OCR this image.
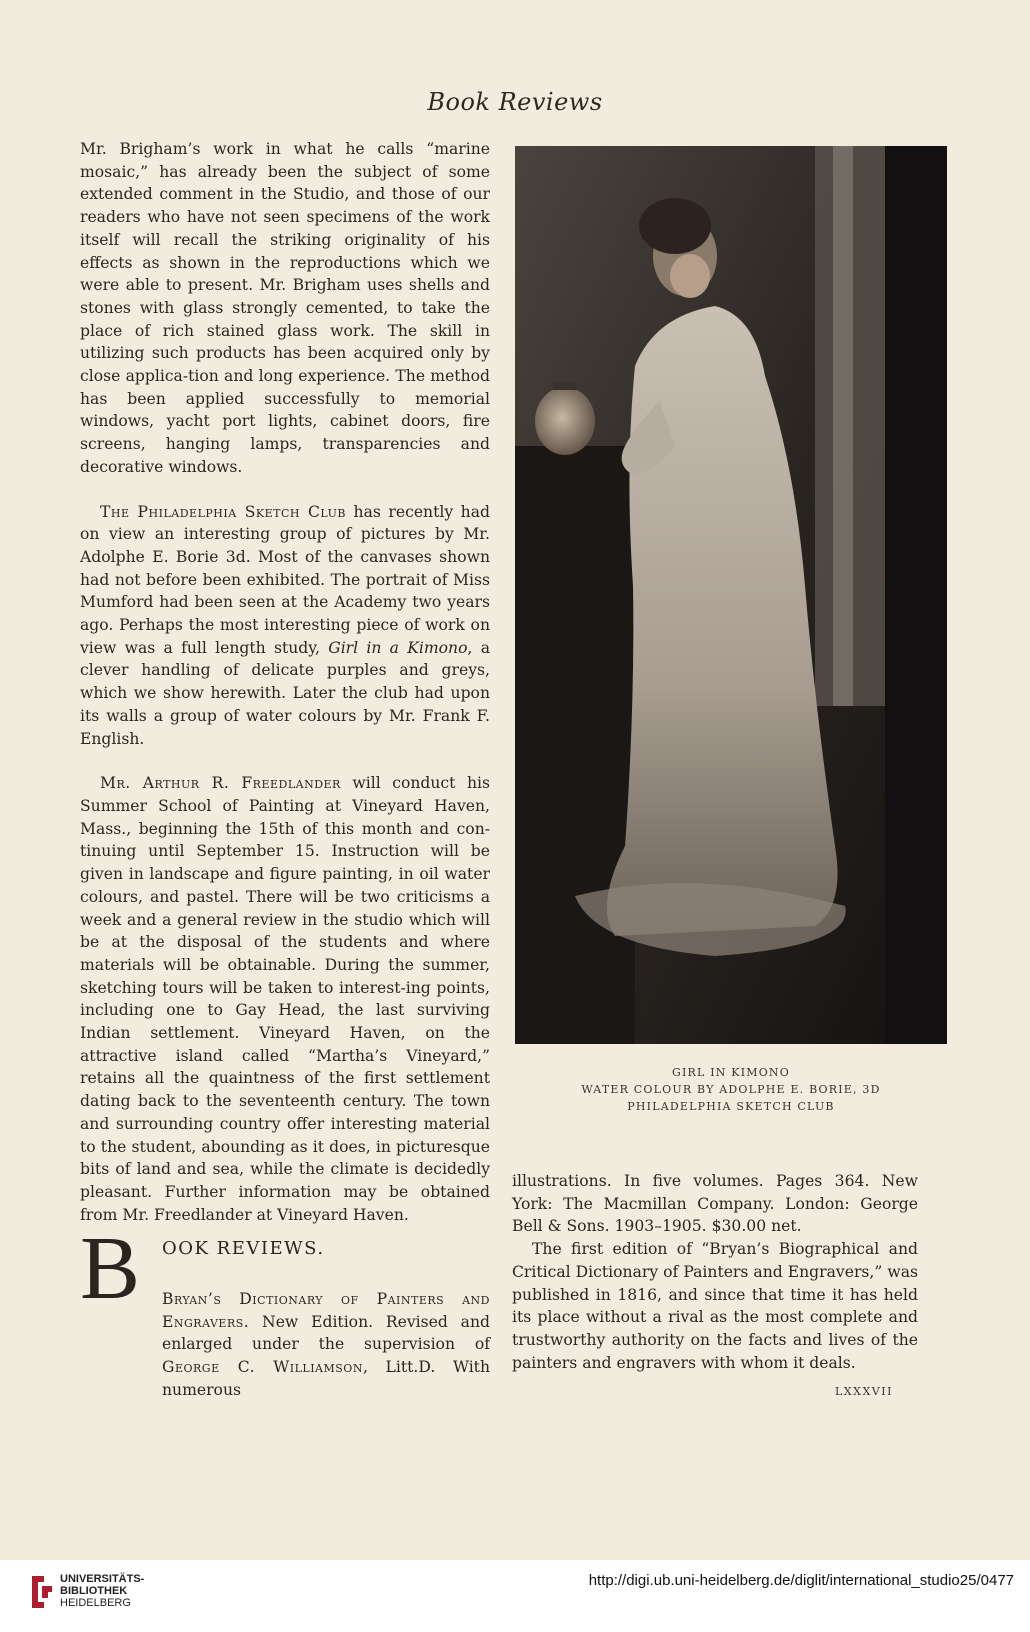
Book Reviews

Mr. Brigham’s work in what he calls “marine mosaic,” has already been the subject of some extended comment in the Studio, and those of our readers who have not seen specimens of the work itself will recall the striking originality of his effects as shown in the reproductions which we were able to present. Mr. Brigham uses shells and stones with glass strongly cemented, to take the place of rich stained glass work. The skill in utilizing such products has been acquired only by close applica-tion and long experience. The method has been applied successfully to memorial windows, yacht port lights, cabinet doors, fire screens, hanging lamps, transparencies and decorative windows.

The Philadelphia Sketch Club has recently had on view an interesting group of pictures by Mr. Adolphe E. Borie 3d. Most of the canvases shown had not before been exhibited. The portrait of Miss Mumford had been seen at the Academy two years ago. Perhaps the most interesting piece of work on view was a full length study, Girl in a Kimono, a clever handling of delicate purples and greys, which we show herewith. Later the club had upon its walls a group of water colours by Mr. Frank F. English.

Mr. Arthur R. Freedlander will conduct his Summer School of Painting at Vineyard Haven, Mass., beginning the 15th of this month and con-tinuing until September 15. Instruction will be given in landscape and figure painting, in oil water colours, and pastel. There will be two criticisms a week and a general review in the studio which will be at the disposal of the students and where materials will be obtainable. During the summer, sketching tours will be taken to interest-ing points, including one to Gay Head, the last surviving Indian settlement. Vineyard Haven, on the attractive island called “Martha’s Vineyard,” retains all the quaintness of the first settlement dating back to the seventeenth century. The town and surrounding country offer interesting material to the student, abounding as it does, in picturesque bits of land and sea, while the climate is decidedly pleasant. Further information may be obtained from Mr. Freedlander at Vineyard Haven.

GIRL IN KIMONO
WATER COLOUR BY ADOLPHE E. BORIE, 3D
PHILADELPHIA SKETCH CLUB
B OOK REVIEWS.

Bryan’s Dictionary of Painters and Engravers. New Edition. Revised and enlarged under the supervision of George C. Williamson, Litt.D. With numerous

illustrations. In five volumes. Pages 364. New York: The Macmillan Company. London: George Bell & Sons. 1903–1905. $30.00 net.

The first edition of “Bryan’s Biographical and Critical Dictionary of Painters and Engravers,” was published in 1816, and since that time it has held its place without a rival as the most complete and trustworthy authority on the facts and lives of the painters and engravers with whom it deals.

LXXXVII
UNIVERSITÄTS-
BIBLIOTHEK
HEIDELBERG
http://digi.ub.uni-heidelberg.de/diglit/international_studio25/0477
